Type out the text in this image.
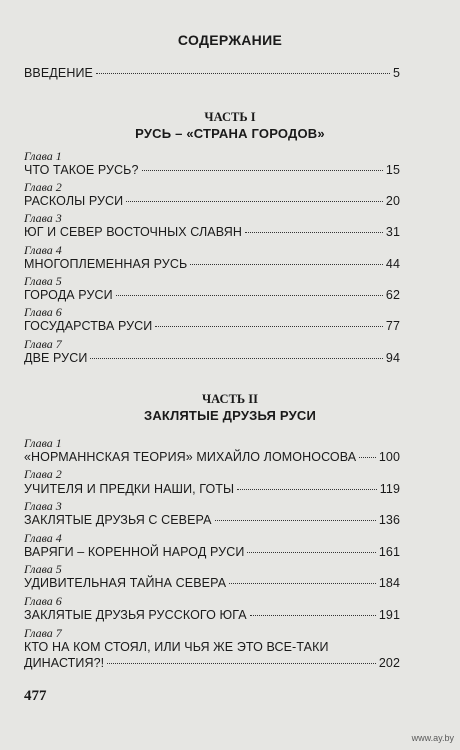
СОДЕРЖАНИЕ
ВВЕДЕНИЕ	5
ЧАСТЬ I
РУСЬ – «СТРАНА ГОРОДОВ»
Глава 1
ЧТО ТАКОЕ РУСЬ?	15
Глава 2
РАСКОЛЫ РУСИ	20
Глава 3
ЮГ И СЕВЕР ВОСТОЧНЫХ СЛАВЯН	31
Глава 4
МНОГОПЛЕМЕННАЯ РУСЬ	44
Глава 5
ГОРОДА РУСИ	62
Глава 6
ГОСУДАРСТВА РУСИ	77
Глава 7
ДВЕ РУСИ	94
ЧАСТЬ II
ЗАКЛЯТЫЕ ДРУЗЬЯ РУСИ
Глава 1
«НОРМАННСКАЯ ТЕОРИЯ» МИХАЙЛО ЛОМОНОСОВА 100
Глава 2
УЧИТЕЛЯ И ПРЕДКИ НАШИ, ГОТЫ	119
Глава 3
ЗАКЛЯТЫЕ ДРУЗЬЯ С СЕВЕРА	136
Глава 4
ВАРЯГИ – КОРЕННОЙ НАРОД РУСИ	161
Глава 5
УДИВИТЕЛЬНАЯ ТАЙНА СЕВЕРА	184
Глава 6
ЗАКЛЯТЫЕ ДРУЗЬЯ РУССКОГО ЮГА	191
Глава 7
КТО НА КОМ СТОЯЛ, ИЛИ ЧЬЯ ЖЕ ЭТО ВСЕ-ТАКИ
ДИНАСТИЯ?!	202
477
www.ay.by
